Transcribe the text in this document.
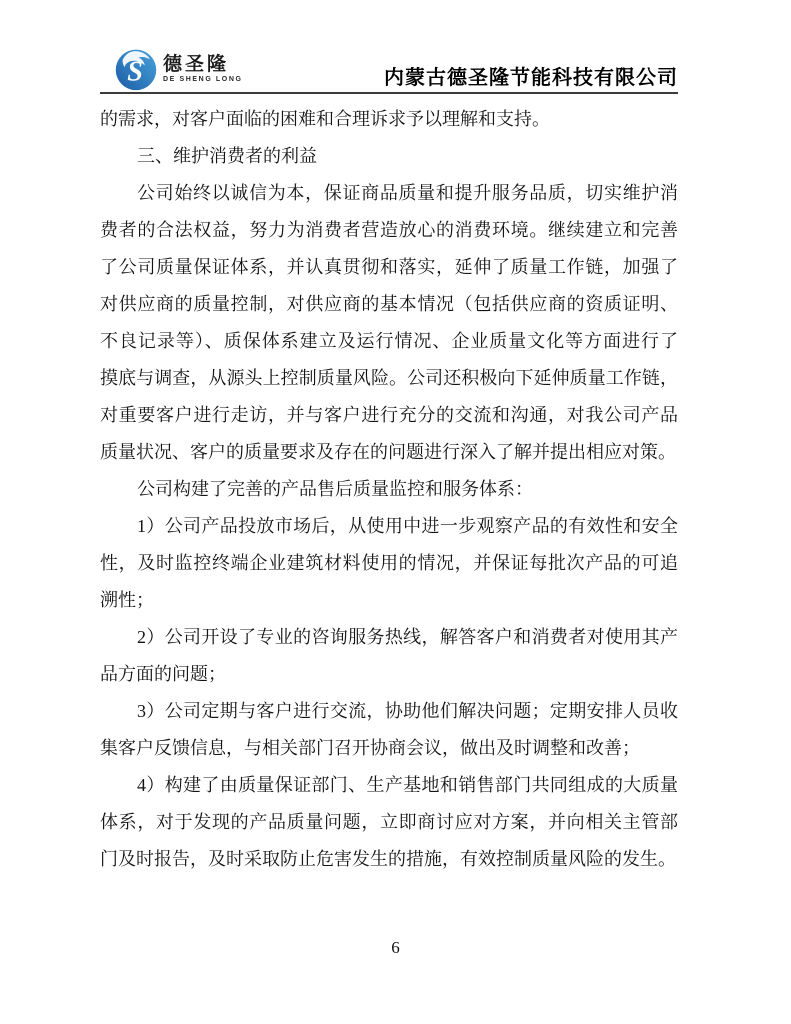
S 德圣隆
DE SHENG LONG	内蒙古德圣隆节能科技有限公司
的需求，对客户面临的困难和合理诉求予以理解和支持。
三、维护消费者的利益
公司始终以诚信为本，保证商品质量和提升服务品质，切实维护消
费者的合法权益，努力为消费者营造放心的消费环境。继续建立和完善
了公司质量保证体系，并认真贯彻和落实，延伸了质量工作链，加强了
对供应商的质量控制，对供应商的基本情况（包括供应商的资质证明、
不良记录等）、质保体系建立及运行情况、企业质量文化等方面进行了
摸底与调查，从源头上控制质量风险。公司还积极向下延伸质量工作链，
对重要客户进行走访，并与客户进行充分的交流和沟通，对我公司产品
质量状况、客户的质量要求及存在的问题进行深入了解并提出相应对策。
公司构建了完善的产品售后质量监控和服务体系：
1）公司产品投放市场后，从使用中进一步观察产品的有效性和安全
性，及时监控终端企业建筑材料使用的情况，并保证每批次产品的可追
溯性；
2）公司开设了专业的咨询服务热线，解答客户和消费者对使用其产
品方面的问题；
3）公司定期与客户进行交流，协助他们解决问题；定期安排人员收
集客户反馈信息，与相关部门召开协商会议，做出及时调整和改善；
4）构建了由质量保证部门、生产基地和销售部门共同组成的大质量
体系，对于发现的产品质量问题，立即商讨应对方案，并向相关主管部
门及时报告，及时采取防止危害发生的措施，有效控制质量风险的发生。
6
